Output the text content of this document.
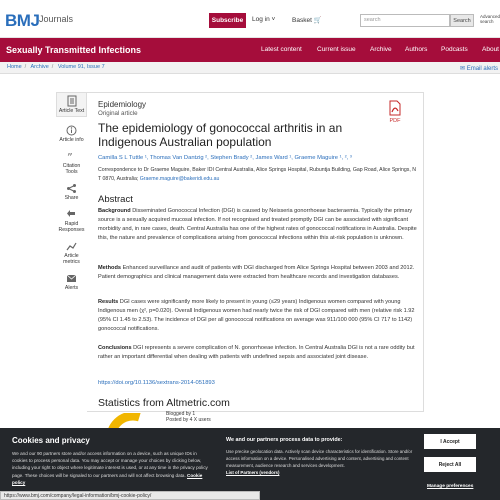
BMJ Journals	Subscribe	Log in ˅	Basket 🛒	search	Search
Advanced search
Sexually Transmitted Infections	Latest content Current issue Archive Authors Podcasts About
Home / Archive / Volume 91, Issue 7	✉ Email alerts
Article Text
Article info
”
Citation Tools
Share
Rapid Responses
Article metrics
Alerts
Epidemiology
Original article
The epidemiology of gonococcal arthritis in an Indigenous Australian population
PDF
Camilla S L Tuttle ¹, Thomas Van Dantzig ², Stephen Brady ², James Ward ¹, Graeme Maguire ¹, ², ³
Correspondence to Dr Graeme Maguire, Baker IDI Central Australia, Alice Springs Hospital, Rubuntja Building, Gap Road, Alice Springs, N T 0870, Australia; Graeme.maguire@bakeridi.edu.au
Abstract
Background Disseminated Gonococcal Infection (DGI) is caused by Neisseria gonorrhoeae bacteraemia. Typically the primary source is a sexually acquired mucosal infection. If not recognised and treated promptly DGI can be associated with significant morbidity and, in rare cases, death. Central Australia has one of the highest rates of gonococcal notifications in Australia. Despite this, the nature and prevalence of complications arising from gonococcal infections within this at-risk population is unknown.
Methods Enhanced surveillance and audit of patients with DGI discharged from Alice Springs Hospital between 2003 and 2012. Patient demographics and clinical management data were extracted from healthcare records and investigation databases.
Results DGI cases were significantly more likely to present in young (≤29 years) Indigenous women compared with young Indigenous men (χ², p=0.020). Overall Indigenous women had nearly twice the risk of DGI compared with men (relative risk 1.92 (95% CI 1.45 to 2.53). The incidence of DGI per all gonococcal notifications on average was 911/100 000 (95% CI 717 to 1142) gonococcal notifications.
Conclusions DGI represents a severe complication of N. gonorrhoeae infection. In Central Australia DGI is not a rare oddity but rather an important differential when dealing with patients with undefined sepsis and associated joint disease.
https://doi.org/10.1136/sextrans-2014-051893
Statistics from Altmetric.com
Blogged by 1
Posted by 4 X users
Cookies and privacy
We and our 90 partners store and/or access information on a device, such as unique IDs in cookies to process personal data. You may accept or manage your choices by clicking below, including your right to object where legitimate interest is used, or at any time in the privacy policy page. These choices will be signaled to our partners and will not affect browsing data. Cookie policy
We and our partners process data to provide:
Use precise geolocation data. Actively scan device characteristics for identification. Store and/or access information on a device. Personalised advertising and content, advertising and content measurement, audience research and services development.
List of Partners (vendors)
I Accept
Reject All
Manage preferences
https://www.bmj.com/company/legal-information/bmj-cookie-policy/
